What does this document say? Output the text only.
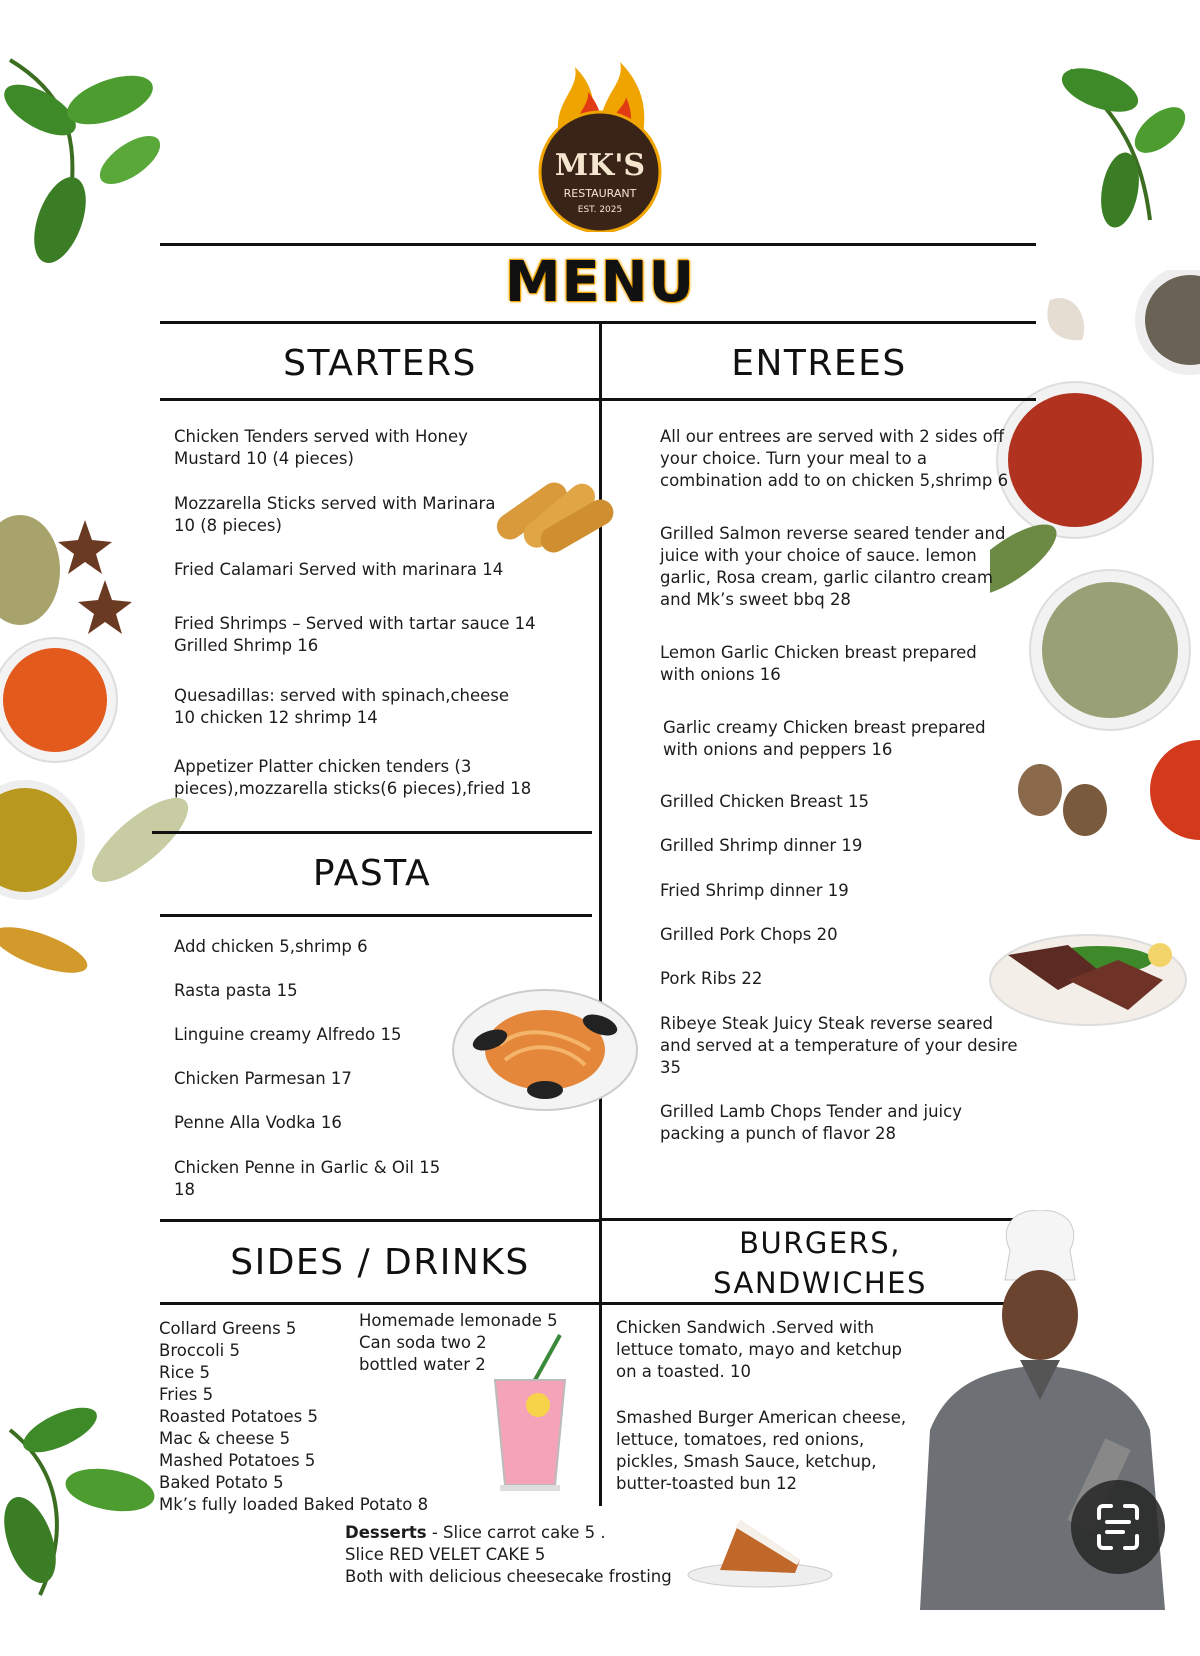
MK'S
RESTAURANT
EST. 2025
MENU
STARTERS
Chicken Tenders served with Honey
Mustard 10 (4 pieces)
Mozzarella Sticks served with Marinara
10 (8 pieces)
Fried Calamari Served with marinara 14
Fried Shrimps – Served with tartar sauce 14
Grilled Shrimp 16
Quesadillas: served with spinach,cheese
10 chicken 12 shrimp 14
Appetizer Platter chicken tenders (3
pieces),mozzarella sticks(6 pieces),fried 18
PASTA
Add chicken 5,shrimp 6
Rasta pasta 15
Linguine creamy Alfredo 15
Chicken Parmesan 17
Penne Alla Vodka 16
Chicken Penne in Garlic & Oil 15
18
ENTREES
All our entrees are served with 2 sides off
your choice. Turn your meal to a
combination add to on chicken 5,shrimp 6
Grilled Salmon reverse seared tender and
juice with your choice of sauce. lemon
garlic, Rosa cream, garlic cilantro cream
and Mk’s sweet bbq 28
Lemon Garlic Chicken breast prepared
with onions 16
Garlic creamy Chicken breast prepared
with onions and peppers 16
Grilled Chicken Breast 15
Grilled Shrimp dinner 19
Fried Shrimp dinner 19
Grilled Pork Chops 20
Pork Ribs 22
Ribeye Steak Juicy Steak reverse seared
and served at a temperature of your desire
35
Grilled Lamb Chops Tender and juicy
packing a punch of flavor 28
SIDES / DRINKS
Collard Greens 5
Broccoli 5
Rice 5
Fries 5
Roasted Potatoes 5
Mac & cheese 5
Mashed Potatoes 5
Baked Potato 5
Mk’s fully loaded Baked Potato 8
Homemade lemonade 5
Can soda two 2
bottled water 2
BURGERS,
SANDWICHES
Chicken Sandwich .Served with
lettuce tomato, mayo and ketchup
on a toasted. 10
Smashed Burger American cheese,
lettuce, tomatoes, red onions,
pickles, Smash Sauce, ketchup,
butter-toasted bun 12
Desserts - Slice carrot cake 5 .
Slice RED VELET CAKE 5
Both with delicious cheesecake frosting
